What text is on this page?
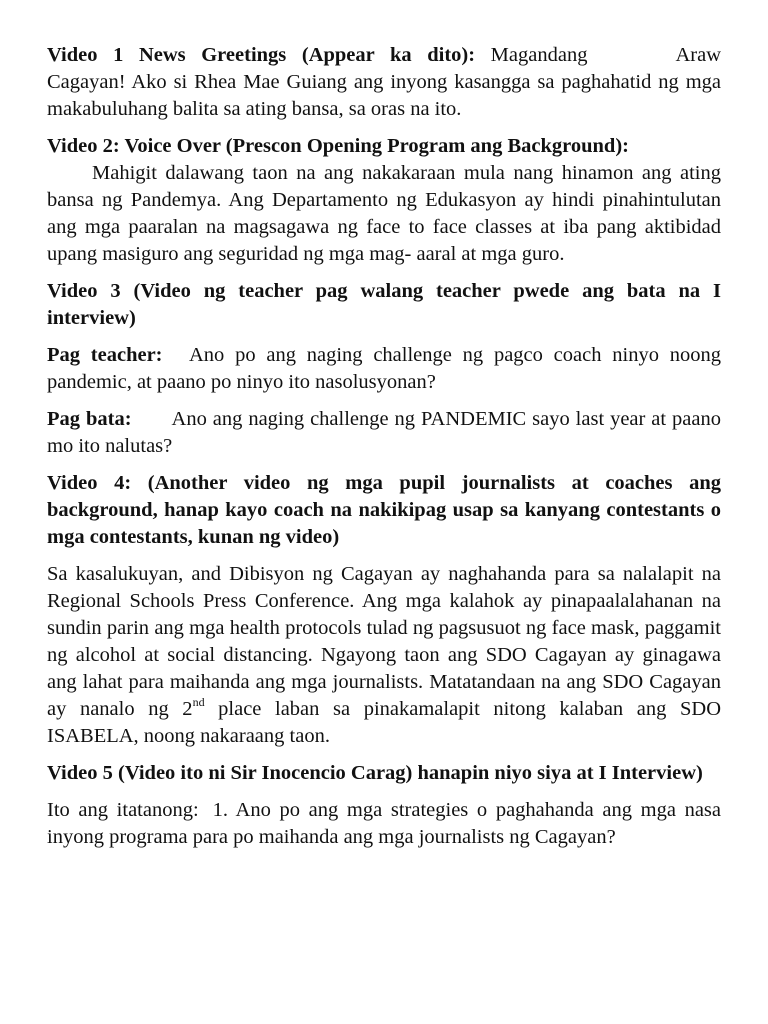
Video 1 News Greetings (Appear ka dito): Magandang	Araw Cagayan! Ako si Rhea Mae Guiang ang inyong kasangga sa paghahatid ng mga makabuluhang balita sa ating bansa, sa oras na ito.

Video 2: Voice Over (Prescon Opening Program ang Background):
Mahigit dalawang taon na ang nakakaraan mula nang hinamon ang ating bansa ng Pandemya. Ang Departamento ng Edukasyon ay hindi pinahintulutan ang mga paaralan na magsagawa ng face to face classes at iba pang aktibidad upang masiguro ang seguridad ng mga mag- aaral at mga guro.

Video 3 (Video ng teacher pag walang teacher pwede ang bata na I interview)

Pag teacher: Ano po ang naging challenge ng pagco coach ninyo noong pandemic, at paano po ninyo ito nasolusyonan?

Pag bata: Ano ang naging challenge ng PANDEMIC sayo last year at paano mo ito nalutas?

Video 4: (Another video ng mga pupil journalists at coaches ang background, hanap kayo coach na nakikipag usap sa kanyang contestants o mga contestants, kunan ng video)

Sa kasalukuyan, and Dibisyon ng Cagayan ay naghahanda para sa nalalapit na Regional Schools Press Conference. Ang mga kalahok ay pinapaalalahanan na sundin parin ang mga health protocols tulad ng pagsusuot ng face mask, paggamit ng alcohol at social distancing. Ngayong taon ang SDO Cagayan ay ginagawa ang lahat para maihanda ang mga journalists. Matatandaan na ang SDO Cagayan ay nanalo ng 2nd place laban sa pinakamalapit nitong kalaban ang SDO ISABELA, noong nakaraang taon.

Video 5 (Video ito ni Sir Inocencio Carag) hanapin niyo siya at I Interview)

Ito ang itatanong: 1. Ano po ang mga strategies o paghahanda ang mga nasa inyong programa para po maihanda ang mga journalists ng Cagayan?
